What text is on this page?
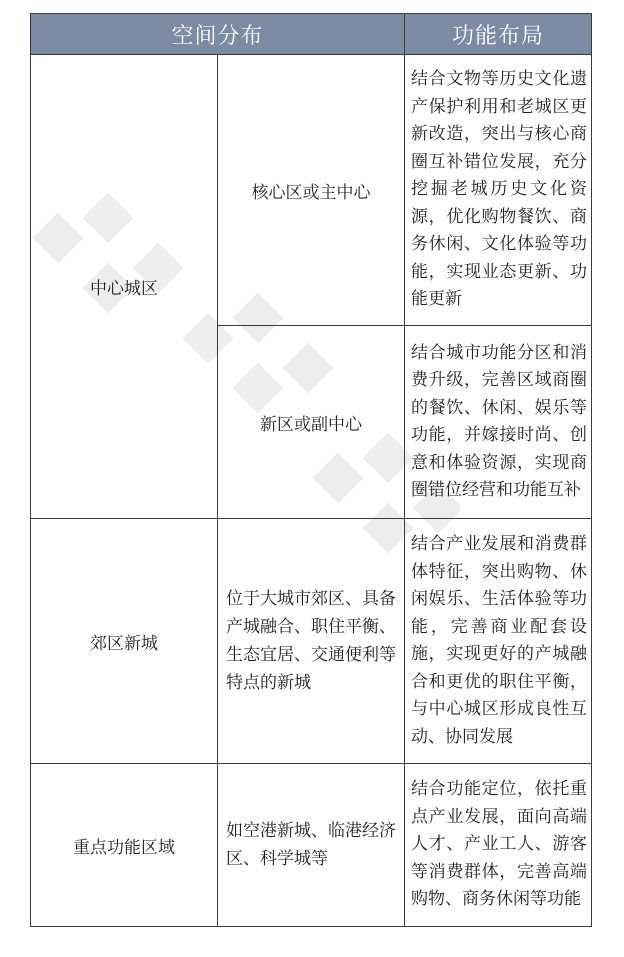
空间分布		功能布局
中心城区	核心区或主中心	结合文物等历史文化遗产保护利用和老城区更新改造，突出与核心商圈互补错位发展，充分挖掘老城历史文化资源，优化购物餐饮、商务休闲、文化体验等功能，实现业态更新、功能更新
	新区或副中心	结合城市功能分区和消费升级，完善区域商圈的餐饮、休闲、娱乐等功能，并嫁接时尚、创意和体验资源，实现商圈错位经营和功能互补
郊区新城	位于大城市郊区、具备产城融合、职住平衡、生态宜居、交通便利等特点的新城	结合产业发展和消费群体特征，突出购物、休闲娱乐、生活体验等功能，完善商业配套设施，实现更好的产城融合和更优的职住平衡，与中心城区形成良性互动、协同发展
重点功能区域	如空港新城、临港经济区、科学城等	结合功能定位，依托重点产业发展，面向高端人才、产业工人、游客等消费群体，完善高端购物、商务休闲等功能
